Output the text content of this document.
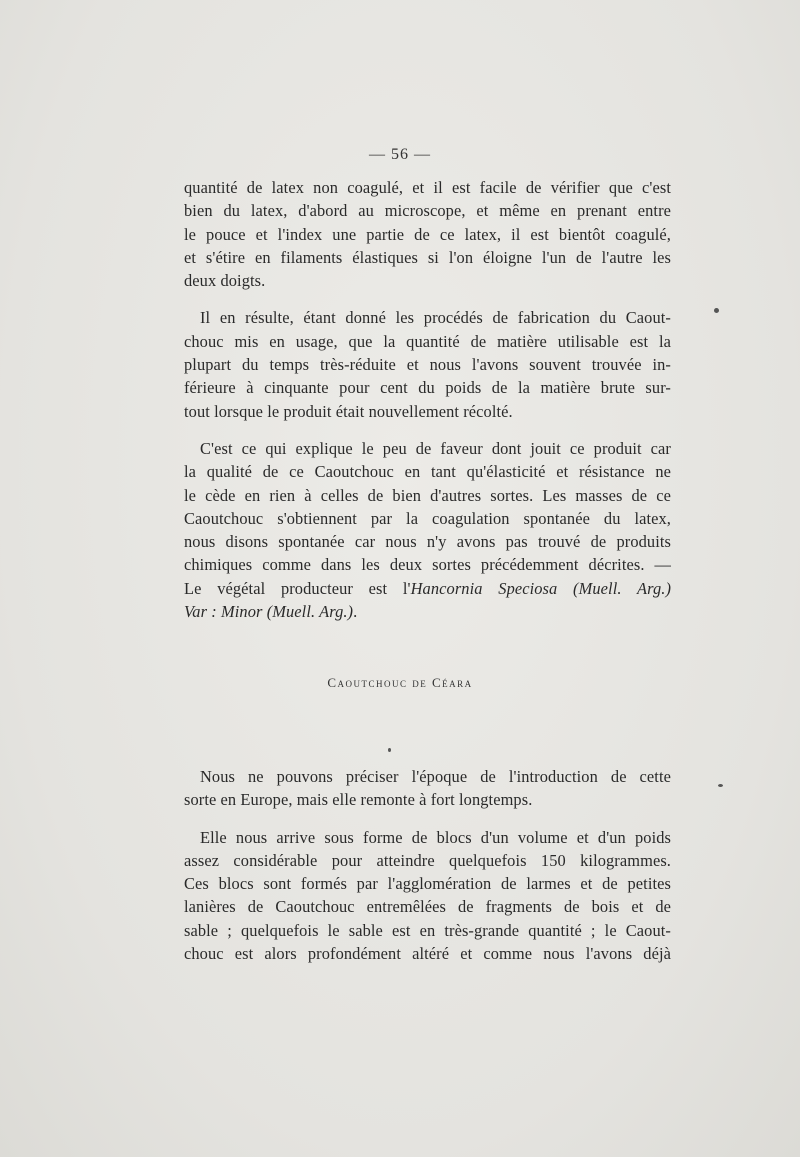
— 56 —
quantité de latex non coagulé, et il est facile de vérifier que c'est
bien du latex, d'abord au microscope, et même en prenant entre
le pouce et l'index une partie de ce latex, il est bientôt coagulé,
et s'étire en filaments élastiques si l'on éloigne l'un de l'autre les
deux doigts.
Il en résulte, étant donné les procédés de fabrication du Caout-
chouc mis en usage, que la quantité de matière utilisable est la
plupart du temps très-réduite et nous l'avons souvent trouvée in-
férieure à cinquante pour cent du poids de la matière brute sur-
tout lorsque le produit était nouvellement récolté.
C'est ce qui explique le peu de faveur dont jouit ce produit car
la qualité de ce Caoutchouc en tant qu'élasticité et résistance ne
le cède en rien à celles de bien d'autres sortes. Les masses de ce
Caoutchouc s'obtiennent par la coagulation spontanée du latex,
nous disons spontanée car nous n'y avons pas trouvé de produits
chimiques comme dans les deux sortes précédemment décrites. —
Le végétal producteur est l'Hancornia Speciosa (Muell. Arg.)
Var : Minor (Muell. Arg.).
Caoutchouc de Céara
Nous ne pouvons préciser l'époque de l'introduction de cette
sorte en Europe, mais elle remonte à fort longtemps.
Elle nous arrive sous forme de blocs d'un volume et d'un poids
assez considérable pour atteindre quelquefois 150 kilogrammes.
Ces blocs sont formés par l'agglomération de larmes et de petites
lanières de Caoutchouc entremêlées de fragments de bois et de
sable ; quelquefois le sable est en très-grande quantité ; le Caout-
chouc est alors profondément altéré et comme nous l'avons déjà
